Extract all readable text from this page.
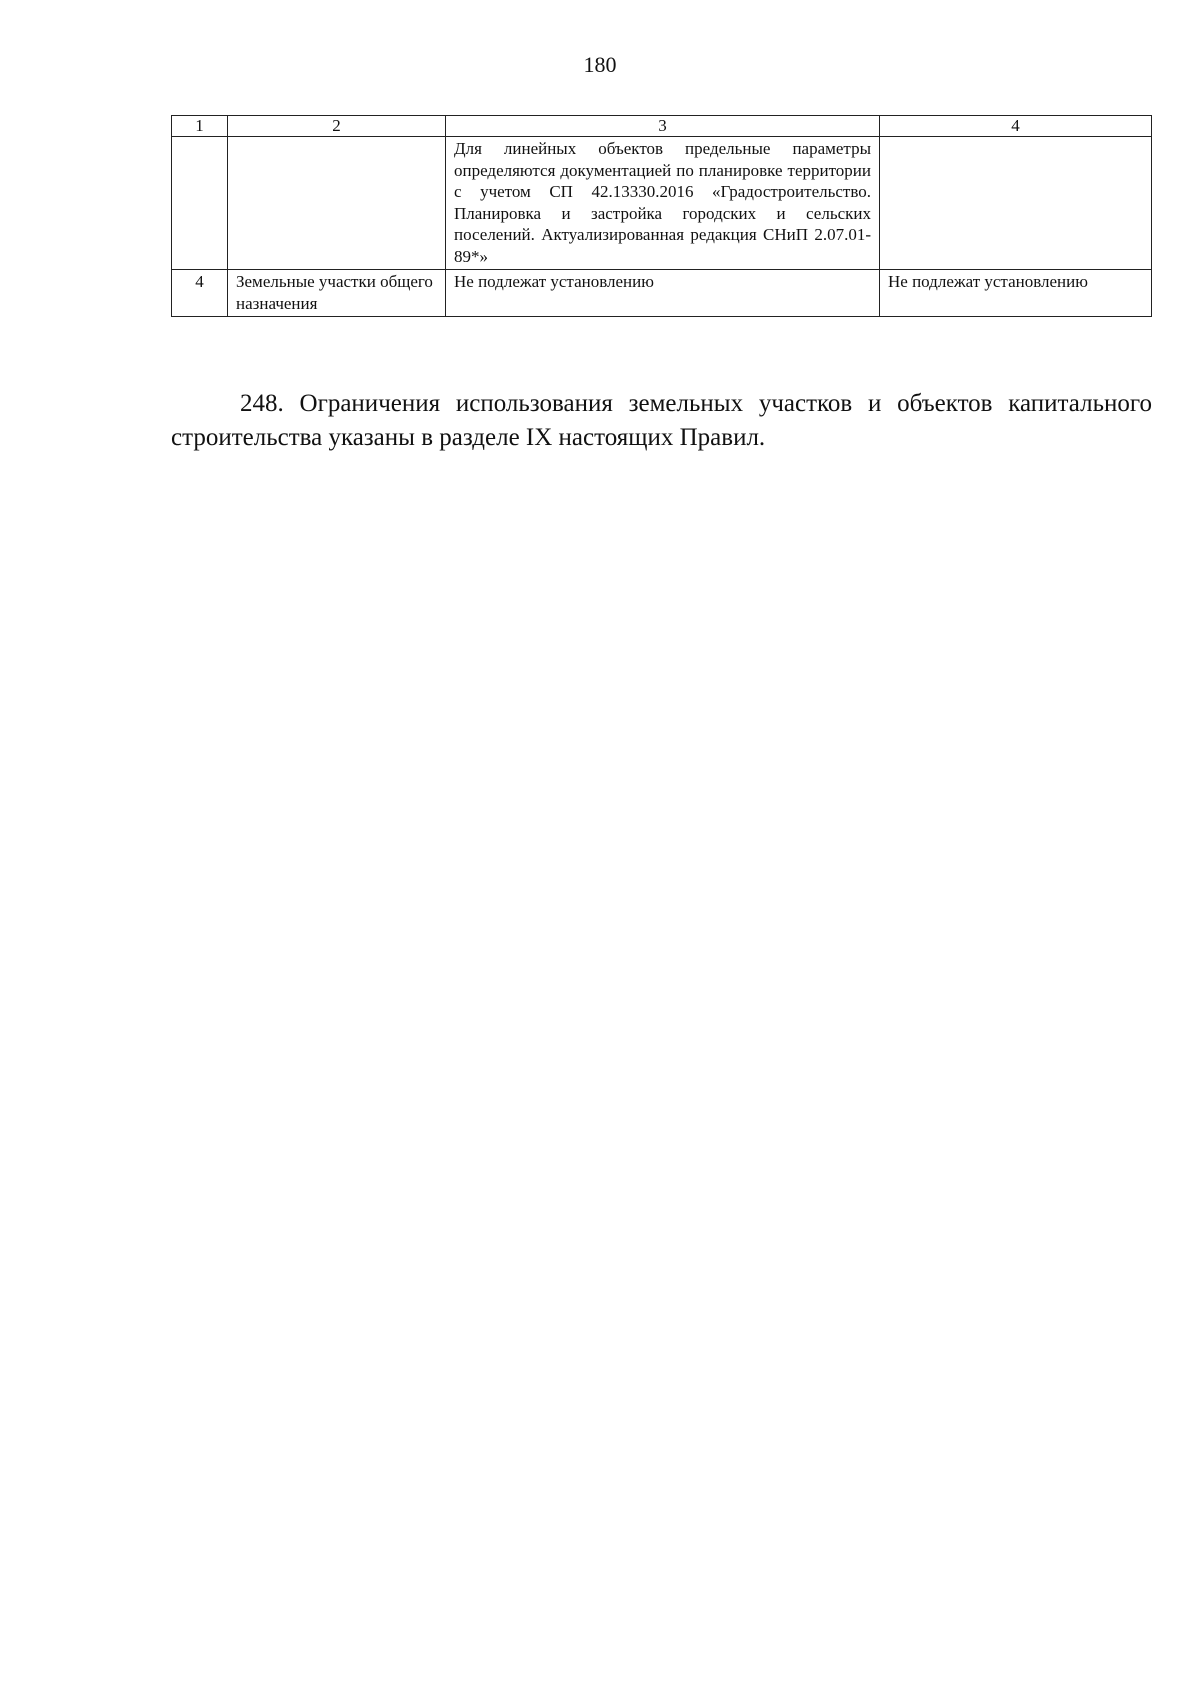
180
1	2	3	4
		Для линейных объектов предельные параметры определяются документацией по планировке территории с учетом СП 42.13330.2016 «Градостроительство. Планировка и застройка городских и сельских поселений. Актуализированная редакция СНиП 2.07.01-89*»	
4	Земельные участки общего назначения	Не подлежат установлению	Не подлежат установлению

248. Ограничения использования земельных участков и объектов капитального строительства указаны в разделе IX настоящих Правил.
